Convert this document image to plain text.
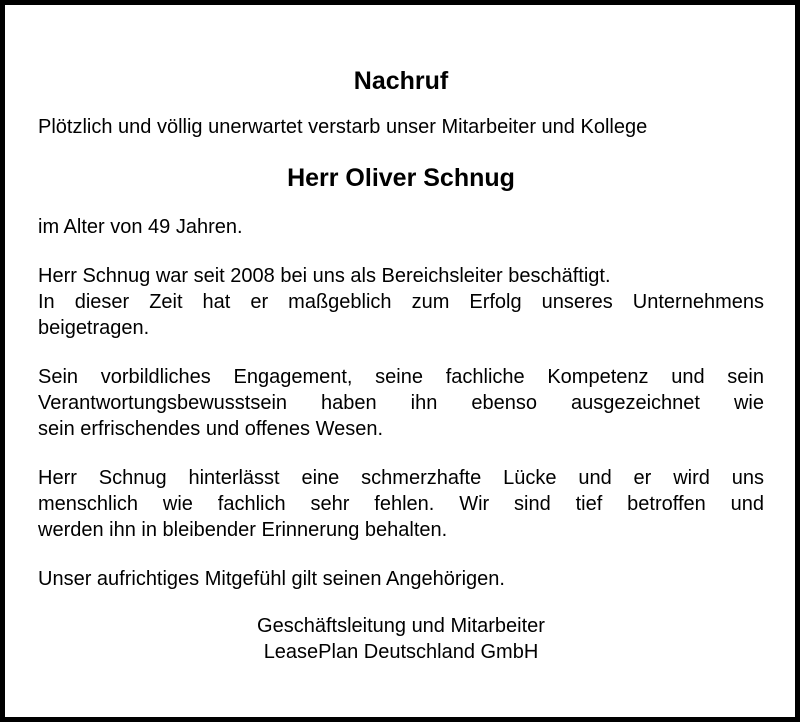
Nachruf
Plötzlich und völlig unerwartet verstarb unser Mitarbeiter und Kollege
Herr Oliver Schnug
im Alter von 49 Jahren.
Herr Schnug war seit 2008 bei uns als Bereichsleiter beschäftigt.
In dieser Zeit hat er maßgeblich zum Erfolg unseres Unternehmens
beigetragen.
Sein vorbildliches Engagement, seine fachliche Kompetenz und sein
Verantwortungsbewusstsein haben ihn ebenso ausgezeichnet wie
sein erfrischendes und offenes Wesen.
Herr Schnug hinterlässt eine schmerzhafte Lücke und er wird uns
menschlich wie fachlich sehr fehlen. Wir sind tief betroffen und
werden ihn in bleibender Erinnerung behalten.
Unser aufrichtiges Mitgefühl gilt seinen Angehörigen.
Geschäftsleitung und Mitarbeiter
LeasePlan Deutschland GmbH
